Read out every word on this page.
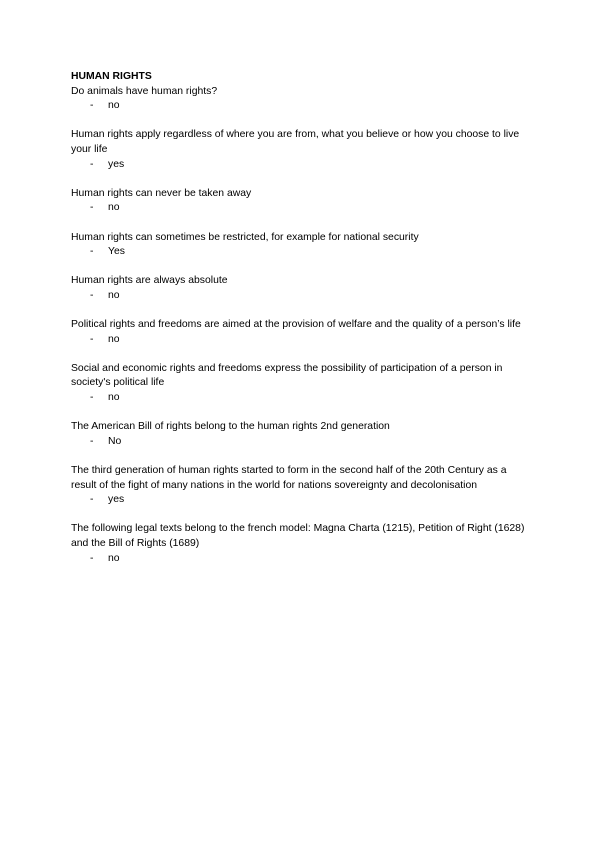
HUMAN RIGHTS

Do animals have human rights?

-	no

Human rights apply regardless of where you are from, what you believe or how you choose to live your life

-	yes

Human rights can never be taken away

-	no

Human rights can sometimes be restricted, for example for national security

-	Yes

Human rights are always absolute

-	no

Political rights and freedoms are aimed at the provision of welfare and the quality of a person’s life

-	no

Social and economic rights and freedoms express the possibility of participation of a person in society's political life

-	no

The American Bill of rights belong to the human rights 2nd generation

-	No

The third generation of human rights started to form in the second half of the 20th Century as a result of the fight of many nations in the world for nations sovereignty and decolonisation

-	yes

The following legal texts belong to the french model: Magna Charta (1215), Petition of Right (1628) and the Bill of Rights (1689)

-	no
